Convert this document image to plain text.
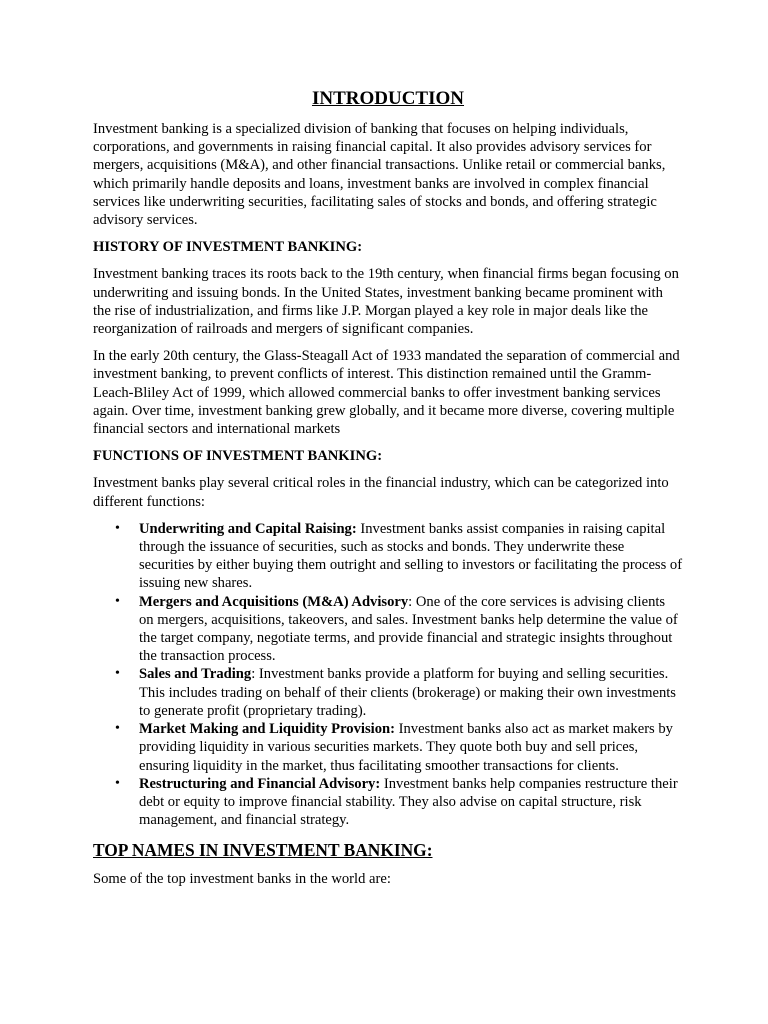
INTRODUCTION

Investment banking is a specialized division of banking that focuses on helping individuals, corporations, and governments in raising financial capital. It also provides advisory services for mergers, acquisitions (M&A), and other financial transactions. Unlike retail or commercial banks, which primarily handle deposits and loans, investment banks are involved in complex financial services like underwriting securities, facilitating sales of stocks and bonds, and offering strategic advisory services.

HISTORY OF INVESTMENT BANKING:

Investment banking traces its roots back to the 19th century, when financial firms began focusing on underwriting and issuing bonds. In the United States, investment banking became prominent with the rise of industrialization, and firms like J.P. Morgan played a key role in major deals like the reorganization of railroads and mergers of significant companies.

In the early 20th century, the Glass-Steagall Act of 1933 mandated the separation of commercial and investment banking, to prevent conflicts of interest. This distinction remained until the Gramm-Leach-Bliley Act of 1999, which allowed commercial banks to offer investment banking services again. Over time, investment banking grew globally, and it became more diverse, covering multiple financial sectors and international markets

FUNCTIONS OF INVESTMENT BANKING:

Investment banks play several critical roles in the financial industry, which can be categorized into different functions:

• Underwriting and Capital Raising: Investment banks assist companies in raising capital through the issuance of securities, such as stocks and bonds. They underwrite these securities by either buying them outright and selling to investors or facilitating the process of issuing new shares.
• Mergers and Acquisitions (M&A) Advisory: One of the core services is advising clients on mergers, acquisitions, takeovers, and sales. Investment banks help determine the value of the target company, negotiate terms, and provide financial and strategic insights throughout the transaction process.
• Sales and Trading: Investment banks provide a platform for buying and selling securities. This includes trading on behalf of their clients (brokerage) or making their own investments to generate profit (proprietary trading).
• Market Making and Liquidity Provision: Investment banks also act as market makers by providing liquidity in various securities markets. They quote both buy and sell prices, ensuring liquidity in the market, thus facilitating smoother transactions for clients.
• Restructuring and Financial Advisory: Investment banks help companies restructure their debt or equity to improve financial stability. They also advise on capital structure, risk management, and financial strategy.
TOP NAMES IN INVESTMENT BANKING:

Some of the top investment banks in the world are:
